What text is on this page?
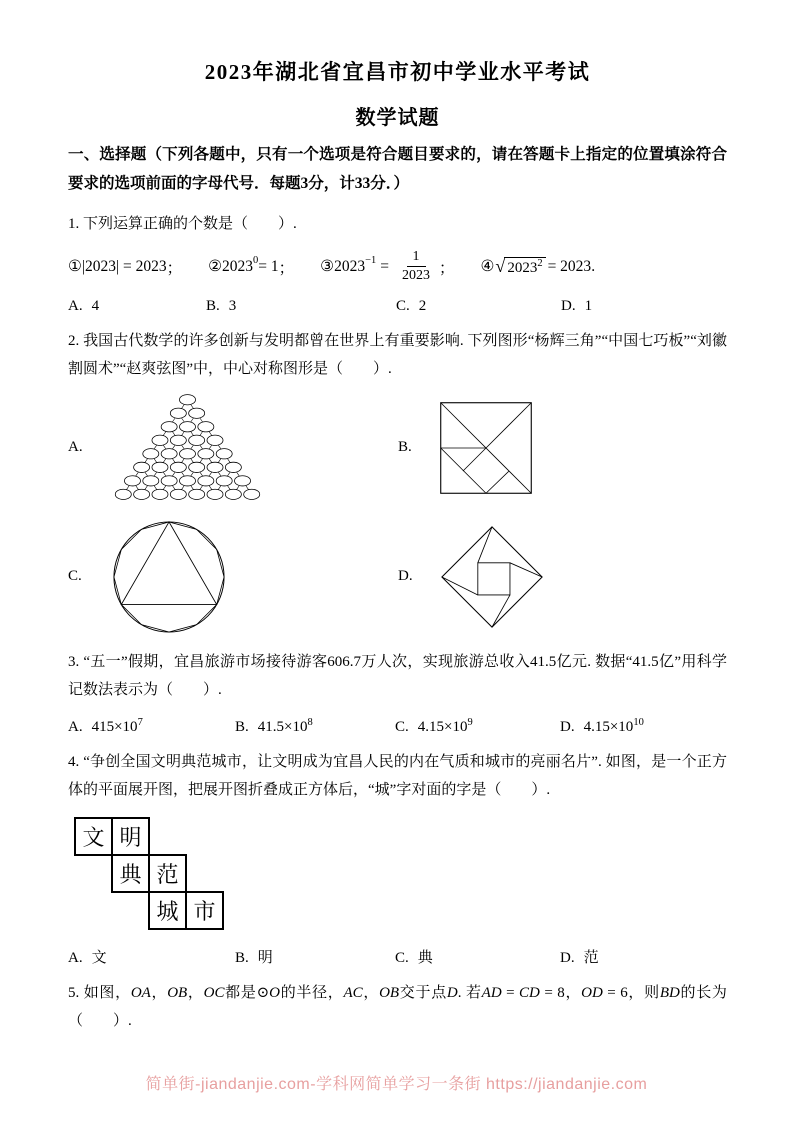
2023年湖北省宜昌市初中学业水平考试
数学试题

一、选择题（下列各题中，只有一个选项是符合题目要求的，请在答题卡上指定的位置填涂符合要求的选项前面的字母代号．每题3分，计33分．）

1. 下列运算正确的个数是（　　）.

① |2023| = 2023 ； ② $2023^0 = 1$ ； ③ $2023^{-1} = \frac{1}{2023}$ ； ④ √ $2023^2 = 2023$ .
A. 4	B. 3	C. 2	D. 1

2. 我国古代数学的许多创新与发明都曾在世界上有重要影响. 下列图形“杨辉三角”“中国七巧板”“刘徽割圆术”“赵爽弦图”中，中心对称图形是（　　）.

A.	B.
C.	D.

3. “五一”假期，宜昌旅游市场接待游客606.7万人次，实现旅游总收入41.5亿元. 数据“41.5亿”用科学记数法表示为（　　）.

A. $415\times 10^7$	B. $41.5\times 10^8$	C. $4.15\times 10^9$	D. $4.15\times 10^{10}$

4. “争创全国文明典范城市，让文明成为宜昌人民的内在气质和城市的亮丽名片”. 如图，是一个正方体的平面展开图，把展开图折叠成正方体后，“城”字对面的字是（　　）.

文 明
典 范
城 市
A. 文	B. 明	C. 典	D. 范

5. 如图，OA，OB，OC都是⊙O的半径，AC，OB交于点D. 若AD = CD = 8，OD = 6，则BD的长为（　　）.

简单街-jiandanjie.com-学科网简单学习一条街 https://jiandanjie.com
